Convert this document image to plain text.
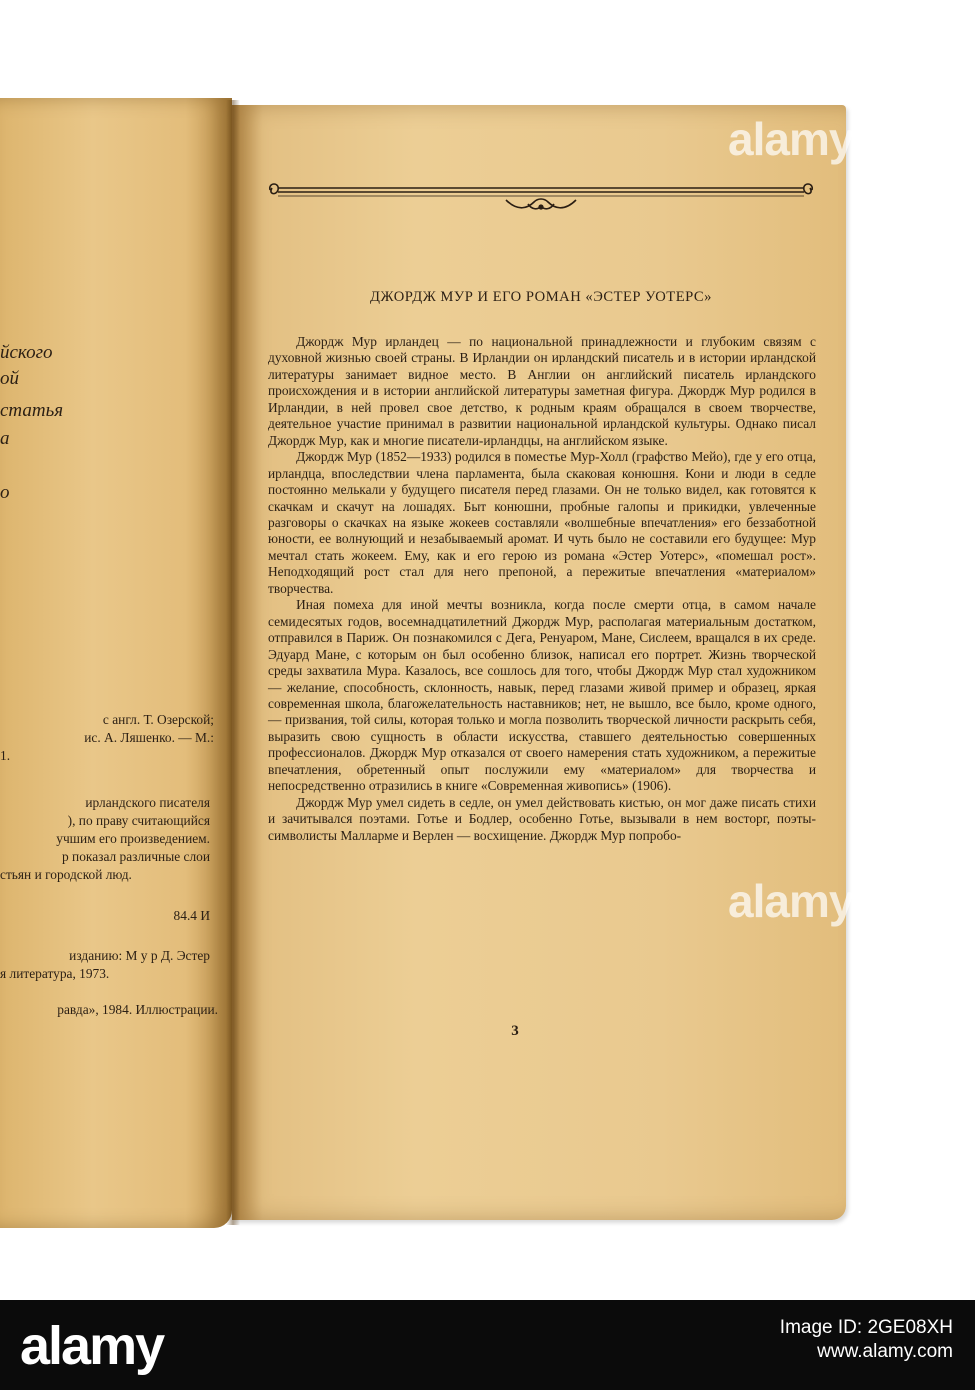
йского
ой
статья
а
о
с англ. Т. Озерской;
ис. А. Ляшенко. — М.:
1.
ирландского писателя
), по праву считающийся
учшим его произведением.
р показал различные слои
стьян и городской люд.
84.4 И
изданию: М у р Д. Эстер
я литература, 1973.
равда», 1984. Иллюстрации.
ДЖОРДЖ МУР И ЕГО РОМАН «ЭСТЕР УОТЕРС»

Джордж Мур ирландец — по национальной принадлежности и глубоким связям с духовной жизнью своей страны. В Ирландии он ирландский писатель и в истории ирландской литературы занимает видное место. В Англии он английский писатель ирландского происхождения и в истории английской литературы заметная фигура. Джордж Мур родился в Ирландии, в ней провел свое детство, к родным краям обращался в своем творчестве, деятельное участие принимал в развитии национальной ирландской культуры. Однако писал Джордж Мур, как и многие писатели-ирландцы, на английском языке.

Джордж Мур (1852—1933) родился в поместье Мур-Холл (графство Мейо), где у его отца, ирландца, впоследствии члена парламента, была скаковая конюшня. Кони и люди в седле постоянно мелькали у будущего писателя перед глазами. Он не только видел, как готовятся к скачкам и скачут на лошадях. Быт конюшни, пробные галопы и прикидки, увлеченные разговоры о скачках на языке жокеев составляли «волшебные впечатления» его беззаботной юности, ее волнующий и незабываемый аромат. И чуть было не составили его будущее: Мур мечтал стать жокеем. Ему, как и его герою из романа «Эстер Уотерс», «помешал рост». Неподходящий рост стал для него препоной, а пережитые впечатления «материалом» творчества.

Иная помеха для иной мечты возникла, когда после смерти отца, в самом начале семидесятых годов, восемнадцатилетний Джордж Мур, располагая материальным достатком, отправился в Париж. Он познакомился с Дега, Ренуаром, Мане, Сислеем, вращался в их среде. Эдуард Мане, с которым он был особенно близок, написал его портрет. Жизнь творческой среды захватила Мура. Казалось, все сошлось для того, чтобы Джордж Мур стал художником — желание, способность, склонность, навык, перед глазами живой пример и образец, яркая современная школа, благожелательность наставников; нет, не вышло, все было, кроме одного,— призвания, той силы, которая только и могла позволить творческой личности раскрыть себя, выразить свою сущность в области искусства, ставшего деятельностью совершенных профессионалов. Джордж Мур отказался от своего намерения стать художником, а пережитые впечатления, обретенный опыт послужили ему «материалом» для творчества и непосредственно отразились в книге «Современная живопись» (1906).

Джордж Мур умел сидеть в седле, он умел действовать кистью, он мог даже писать стихи и зачитывался поэтами. Готье и Бодлер, особенно Готье, вызывали в нем восторг, поэты-символисты Малларме и Верлен — восхищение. Джордж Мур попробо-

3
alamy
alamy
alamy	Image ID: 2GE08XH
www.alamy.com
